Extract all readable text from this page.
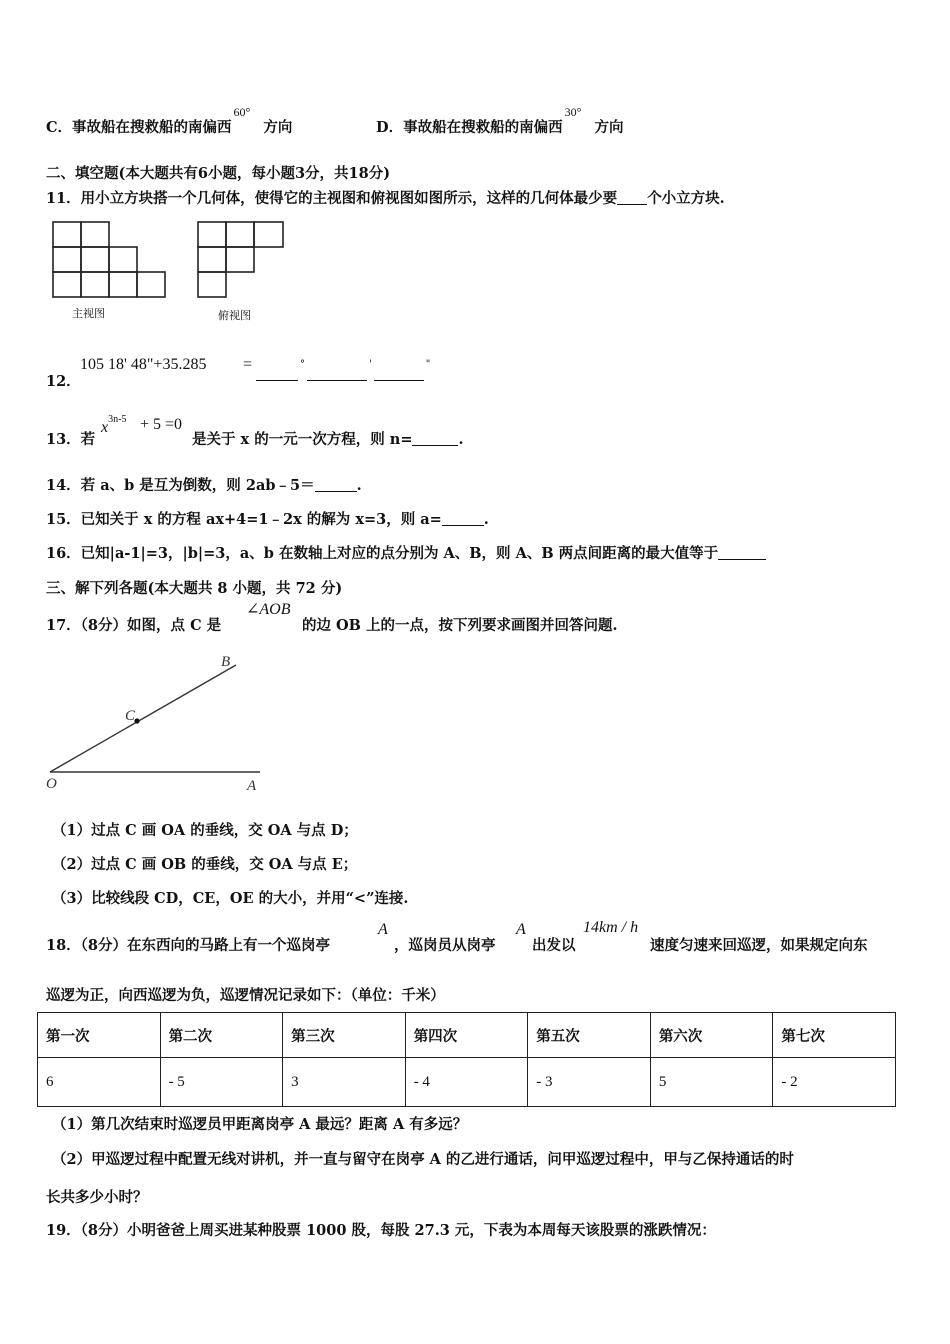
C．事故船在搜救船的南偏西$^{60^\circ}$ 方向	D．事故船在搜救船的南偏西$^{30^\circ}$ 方向
二、填空题(本大题共有6小题，每小题3分，共18分)
11．用小立方块搭一个几何体，使得它的主视图和俯视图如图所示，这样的几何体最少要 个小立方块.
主视图	俯视图
12．
105 18' 48"+35.285 =	°	'	"
13．若
$x^{3n-5} + 5 =0$
是关于 x 的一元一次方程，则 n=	.
14．若 a、b 是互为倒数，则 2ab﹣5＝	.
15．已知关于 x 的方程 ax+4=1﹣2x 的解为 x=3，则 a=	.
16．已知|a-1|=3，|b|=3，a、b 在数轴上对应的点分别为 A、B，则 A、B 两点间距离的最大值等于
三、解下列各题(本大题共 8 小题，共 72 分)
17．（8分）如图，点 C 是
∠AOB
的边 OB 上的一点，按下列要求画图并回答问题.
O	A
B
C
（1）过点 C 画 OA 的垂线，交 OA 与点 D；
（2）过点 C 画 OB 的垂线，交 OA 与点 E；
（3）比较线段 CD，CE，OE 的大小，并用“<”连接.
18．（8分）在东西向的马路上有一个巡岗亭
A
，巡岗员从岗亭
A
出发以
14km / h
速度匀速来回巡逻，如果规定向东
巡逻为正，向西巡逻为负，巡逻情况记录如下：（单位：千米）
第一次	第二次	第三次	第四次	第五次	第六次	第七次
6	- 5	3	- 4	- 3	5	- 2
（1）第几次结束时巡逻员甲距离岗亭 A 最远？距离 A 有多远？
（2）甲巡逻过程中配置无线对讲机，并一直与留守在岗亭 A 的乙进行通话，问甲巡逻过程中，甲与乙保持通话的时
长共多少小时？
19．（8分）小明爸爸上周买进某种股票 1000 股，每股 27.3 元，下表为本周每天该股票的涨跌情况：
